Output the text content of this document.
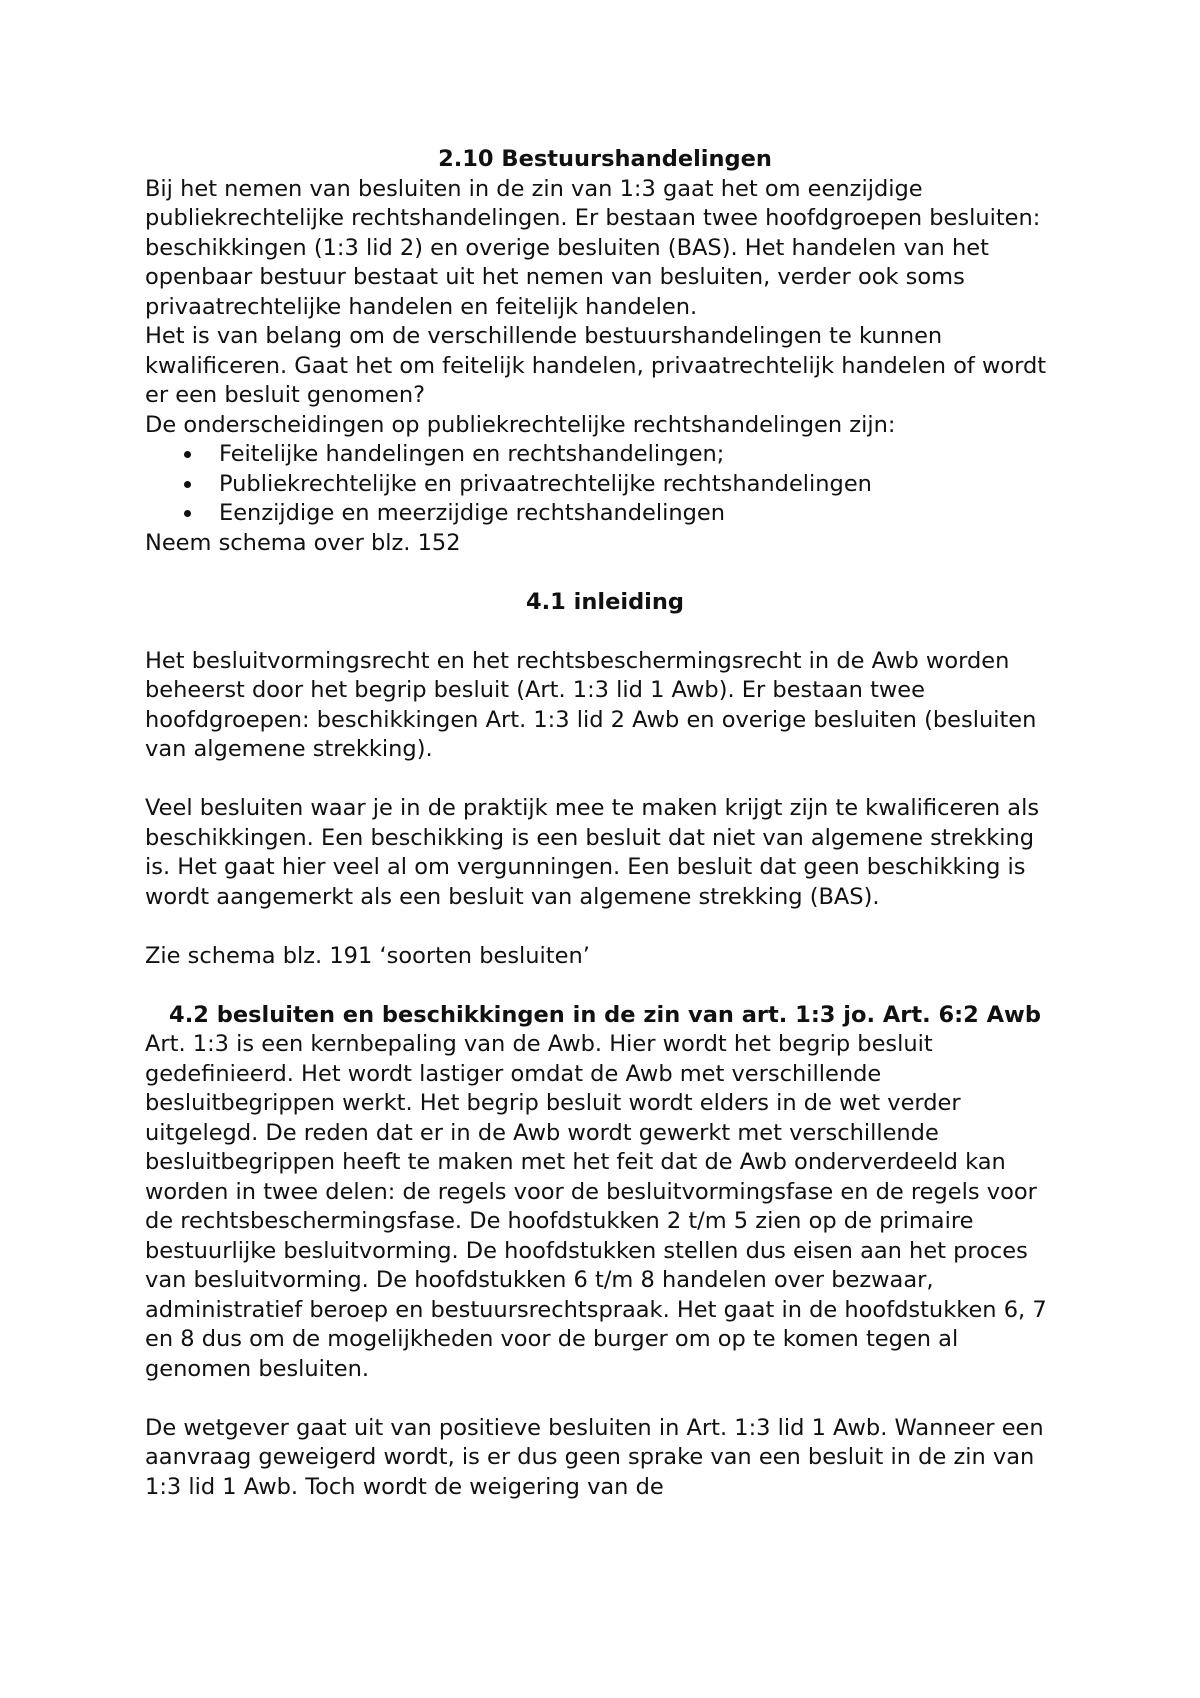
2.10 Bestuurshandelingen

Bij het nemen van besluiten in de zin van 1:3 gaat het om eenzijdige publiekrechtelijke rechtshandelingen. Er bestaan twee hoofdgroepen besluiten: beschikkingen (1:3 lid 2) en overige besluiten (BAS). Het handelen van het openbaar bestuur bestaat uit het nemen van besluiten, verder ook soms privaatrechtelijke handelen en feitelijk handelen.

Het is van belang om de verschillende bestuurshandelingen te kunnen kwalificeren. Gaat het om feitelijk handelen, privaatrechtelijk handelen of wordt er een besluit genomen?

De onderscheidingen op publiekrechtelijke rechtshandelingen zijn:

Feitelijke handelingen en rechtshandelingen;
Publiekrechtelijke en privaatrechtelijke rechtshandelingen
Eenzijdige en meerzijdige rechtshandelingen

Neem schema over blz. 152

4.1 inleiding

Het besluitvormingsrecht en het rechtsbeschermingsrecht in de Awb worden beheerst door het begrip besluit (Art. 1:3 lid 1 Awb). Er bestaan twee hoofdgroepen: beschikkingen Art. 1:3 lid 2 Awb en overige besluiten (besluiten van algemene strekking).

Veel besluiten waar je in de praktijk mee te maken krijgt zijn te kwalificeren als beschikkingen. Een beschikking is een besluit dat niet van algemene strekking is. Het gaat hier veel al om vergunningen. Een besluit dat geen beschikking is wordt aangemerkt als een besluit van algemene strekking (BAS).

Zie schema blz. 191 ‘soorten besluiten’

4.2 besluiten en beschikkingen in de zin van art. 1:3 jo. Art. 6:2 Awb

Art. 1:3 is een kernbepaling van de Awb. Hier wordt het begrip besluit gedefinieerd. Het wordt lastiger omdat de Awb met verschillende besluitbegrippen werkt. Het begrip besluit wordt elders in de wet verder uitgelegd. De reden dat er in de Awb wordt gewerkt met verschillende besluitbegrippen heeft te maken met het feit dat de Awb onderverdeeld kan worden in twee delen: de regels voor de besluitvormingsfase en de regels voor de rechtsbeschermingsfase. De hoofdstukken 2 t/m 5 zien op de primaire bestuurlijke besluitvorming. De hoofdstukken stellen dus eisen aan het proces van besluitvorming. De hoofdstukken 6 t/m 8 handelen over bezwaar, administratief beroep en bestuursrechtspraak. Het gaat in de hoofdstukken 6, 7 en 8 dus om de mogelijkheden voor de burger om op te komen tegen al genomen besluiten.

De wetgever gaat uit van positieve besluiten in Art. 1:3 lid 1 Awb. Wanneer een aanvraag geweigerd wordt, is er dus geen sprake van een besluit in de zin van 1:3 lid 1 Awb. Toch wordt de weigering van de
